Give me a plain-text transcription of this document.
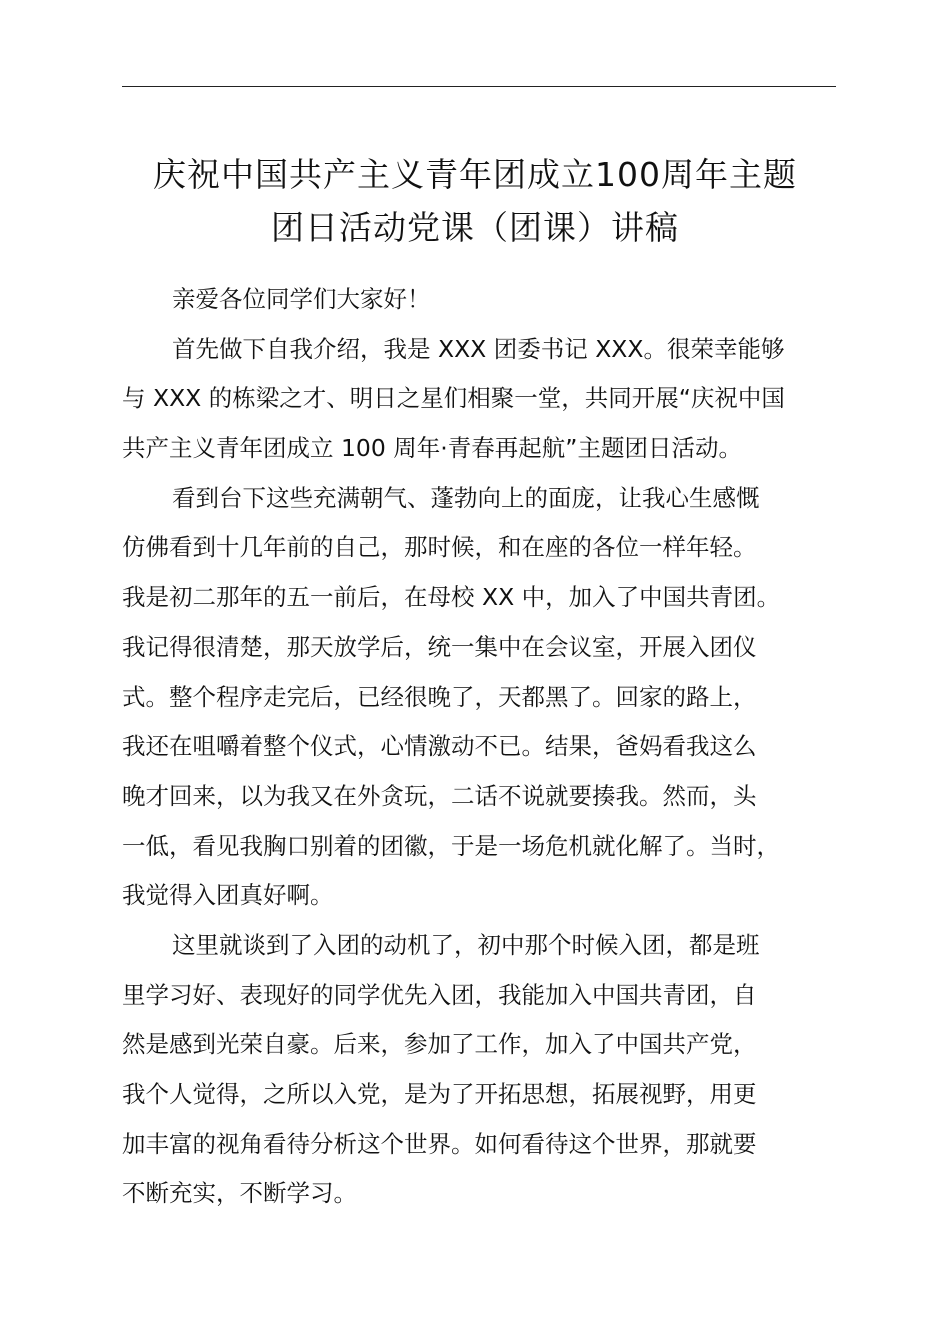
庆祝中国共产主义青年团成立100周年主题
团日活动党课（团课）讲稿
亲爱各位同学们大家好！
首先做下自我介绍，我是 XXX 团委书记 XXX。很荣幸能够
与 XXX 的栋梁之才、明日之星们相聚一堂，共同开展“庆祝中国
共产主义青年团成立 100 周年·青春再起航”主题团日活动。
看到台下这些充满朝气、蓬勃向上的面庞，让我心生感慨
仿佛看到十几年前的自己，那时候，和在座的各位一样年轻。
我是初二那年的五一前后，在母校 XX 中，加入了中国共青团。
我记得很清楚，那天放学后，统一集中在会议室，开展入团仪
式。整个程序走完后，已经很晚了，天都黑了。回家的路上，
我还在咀嚼着整个仪式，心情激动不已。结果，爸妈看我这么
晚才回来，以为我又在外贪玩，二话不说就要揍我。然而，头
一低，看见我胸口别着的团徽，于是一场危机就化解了。当时，
我觉得入团真好啊。
这里就谈到了入团的动机了，初中那个时候入团，都是班
里学习好、表现好的同学优先入团，我能加入中国共青团，自
然是感到光荣自豪。后来，参加了工作，加入了中国共产党，
我个人觉得，之所以入党，是为了开拓思想，拓展视野，用更
加丰富的视角看待分析这个世界。如何看待这个世界，那就要
不断充实，不断学习。
